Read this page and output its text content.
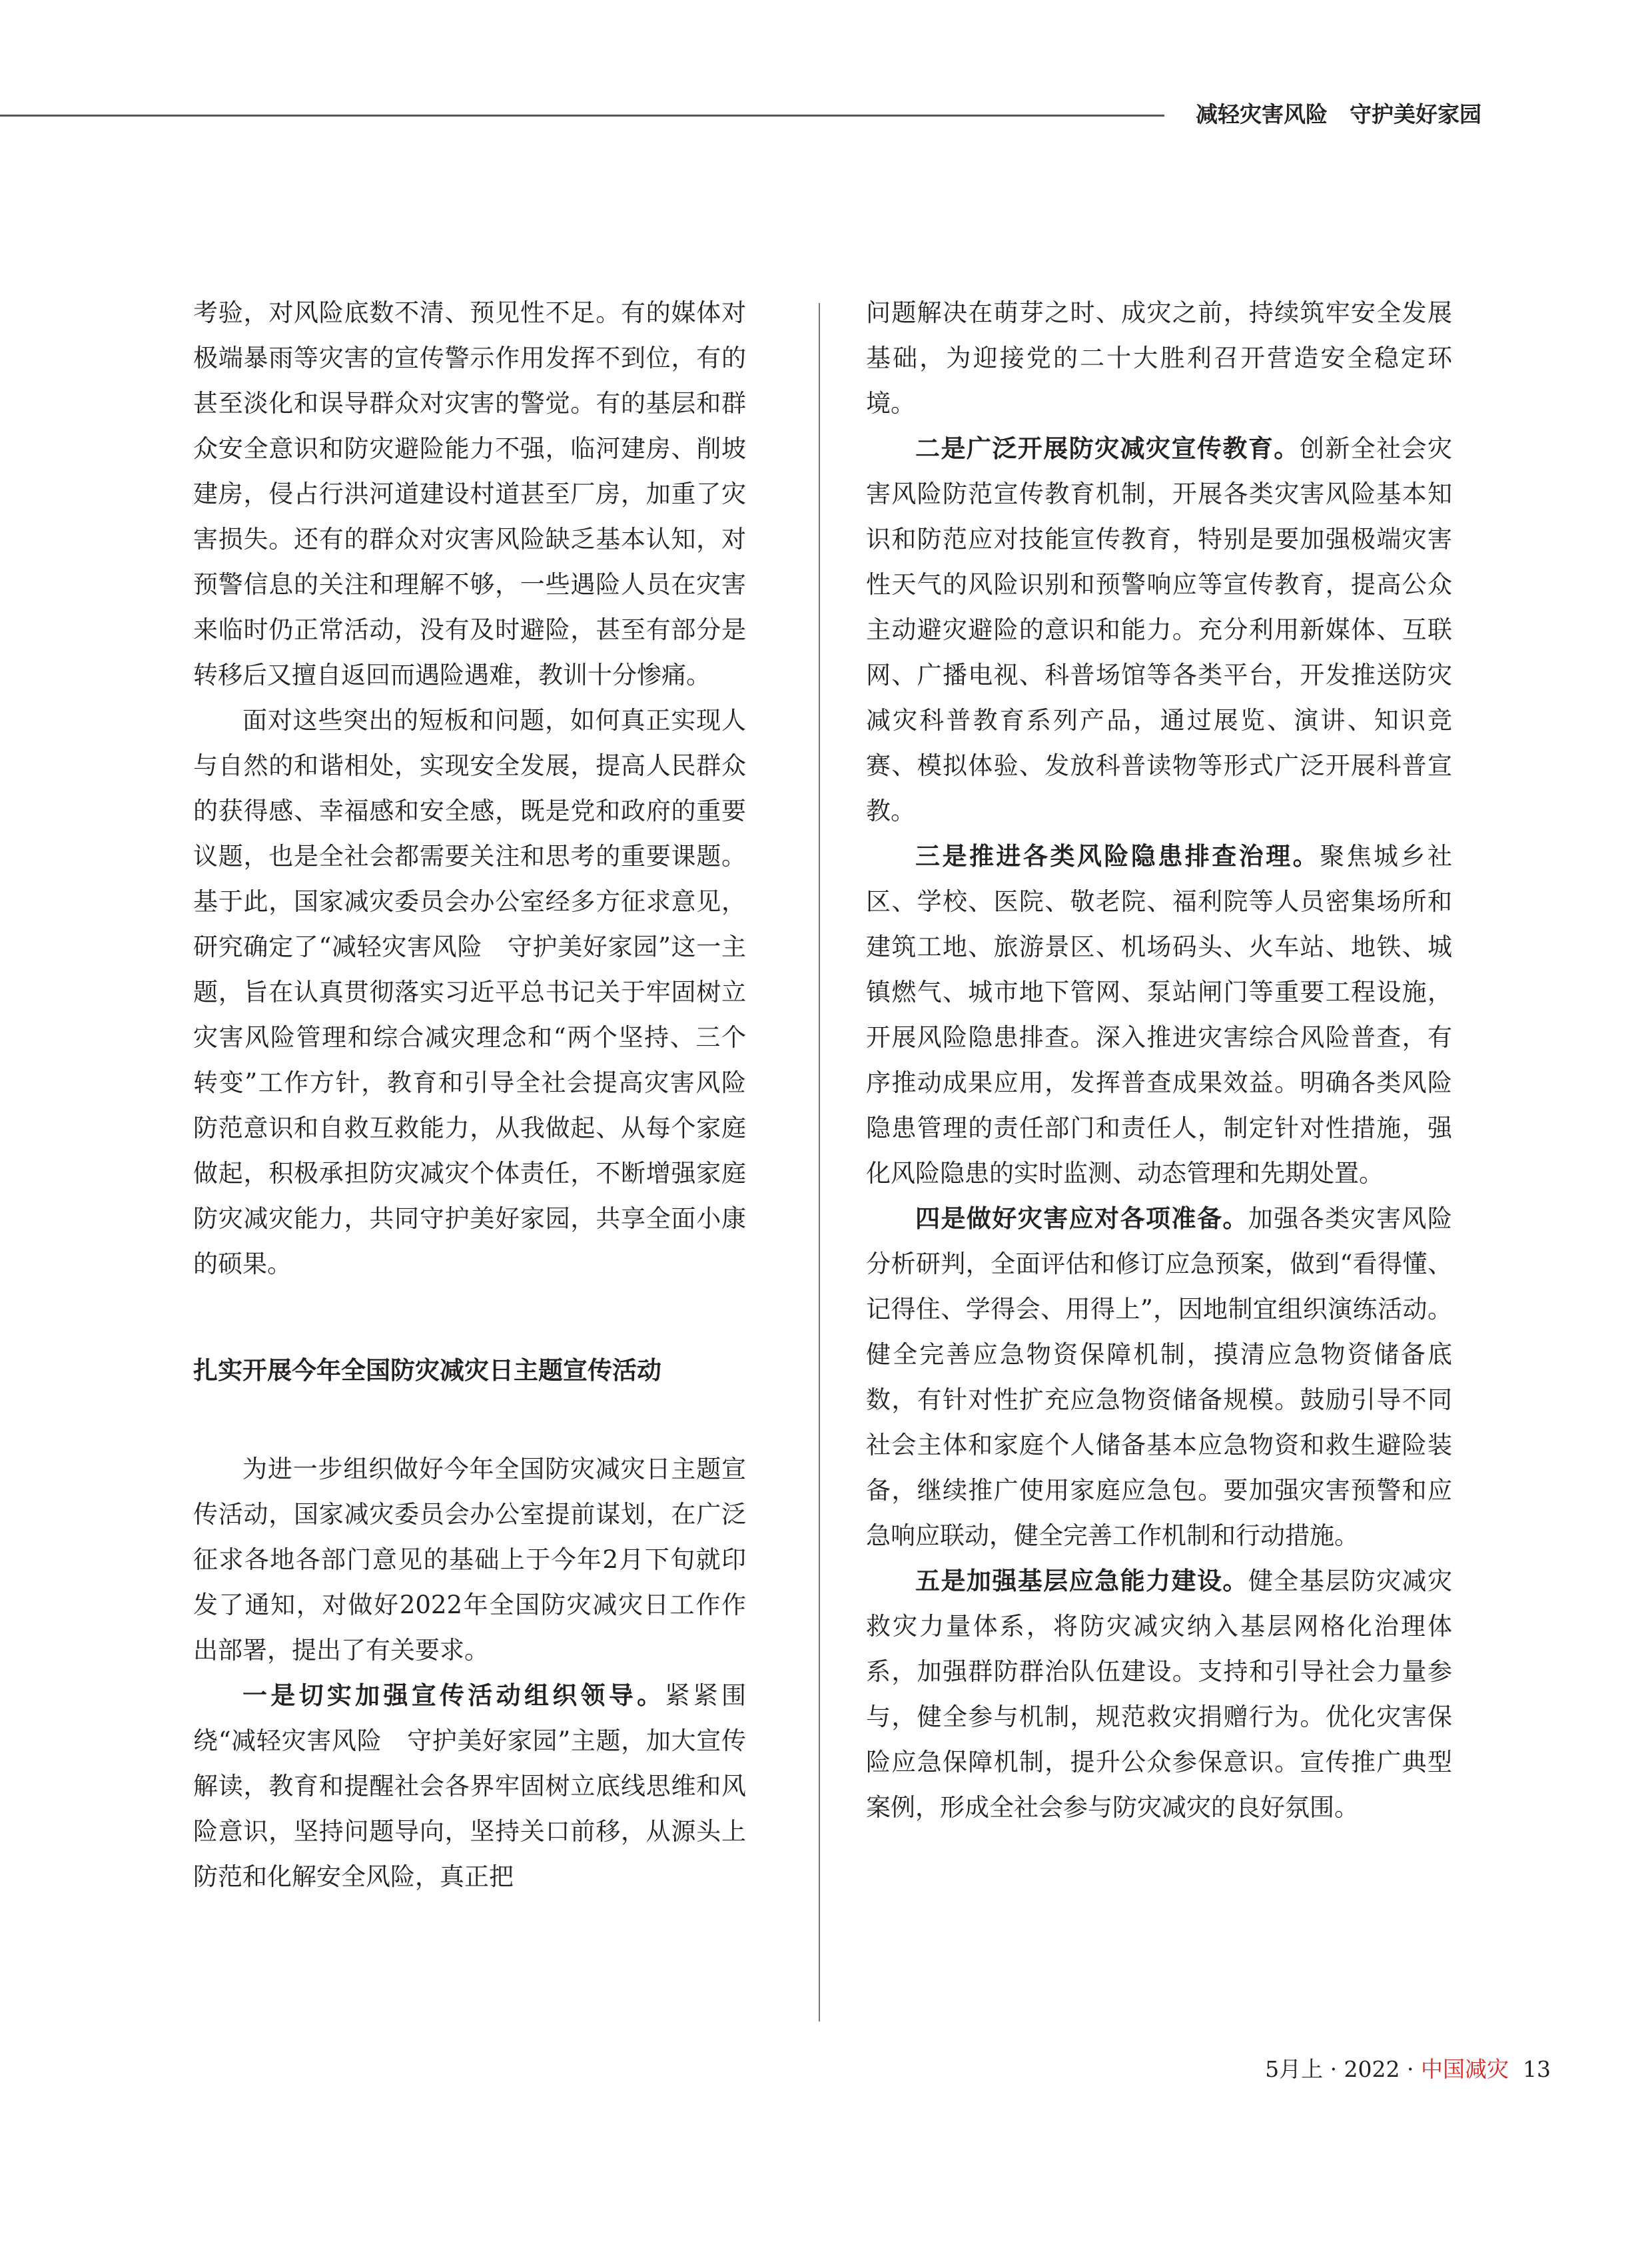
减轻灾害风险　守护美好家园

考验，对风险底数不清、预见性不足。有的媒体对极端暴雨等灾害的宣传警示作用发挥不到位，有的甚至淡化和误导群众对灾害的警觉。有的基层和群众安全意识和防灾避险能力不强，临河建房、削坡建房，侵占行洪河道建设村道甚至厂房，加重了灾害损失。还有的群众对灾害风险缺乏基本认知，对预警信息的关注和理解不够，一些遇险人员在灾害来临时仍正常活动，没有及时避险，甚至有部分是转移后又擅自返回而遇险遇难，教训十分惨痛。

面对这些突出的短板和问题，如何真正实现人与自然的和谐相处，实现安全发展，提高人民群众的获得感、幸福感和安全感，既是党和政府的重要议题，也是全社会都需要关注和思考的重要课题。基于此，国家减灾委员会办公室经多方征求意见，研究确定了“减轻灾害风险　守护美好家园”这一主题，旨在认真贯彻落实习近平总书记关于牢固树立灾害风险管理和综合减灾理念和“两个坚持、三个转变”工作方针，教育和引导全社会提高灾害风险防范意识和自救互救能力，从我做起、从每个家庭做起，积极承担防灾减灾个体责任，不断增强家庭防灾减灾能力，共同守护美好家园，共享全面小康的硕果。

扎实开展今年全国防灾减灾日主题宣传活动

为进一步组织做好今年全国防灾减灾日主题宣传活动，国家减灾委员会办公室提前谋划，在广泛征求各地各部门意见的基础上于今年2月下旬就印发了通知，对做好2022年全国防灾减灾日工作作出部署，提出了有关要求。

一是切实加强宣传活动组织领导。紧紧围绕“减轻灾害风险　守护美好家园”主题，加大宣传解读，教育和提醒社会各界牢固树立底线思维和风险意识，坚持问题导向，坚持关口前移，从源头上防范和化解安全风险，真正把

问题解决在萌芽之时、成灾之前，持续筑牢安全发展基础，为迎接党的二十大胜利召开营造安全稳定环境。

二是广泛开展防灾减灾宣传教育。创新全社会灾害风险防范宣传教育机制，开展各类灾害风险基本知识和防范应对技能宣传教育，特别是要加强极端灾害性天气的风险识别和预警响应等宣传教育，提高公众主动避灾避险的意识和能力。充分利用新媒体、互联网、广播电视、科普场馆等各类平台，开发推送防灾减灾科普教育系列产品，通过展览、演讲、知识竞赛、模拟体验、发放科普读物等形式广泛开展科普宣教。

三是推进各类风险隐患排查治理。聚焦城乡社区、学校、医院、敬老院、福利院等人员密集场所和建筑工地、旅游景区、机场码头、火车站、地铁、城镇燃气、城市地下管网、泵站闸门等重要工程设施，开展风险隐患排查。深入推进灾害综合风险普查，有序推动成果应用，发挥普查成果效益。明确各类风险隐患管理的责任部门和责任人，制定针对性措施，强化风险隐患的实时监测、动态管理和先期处置。

四是做好灾害应对各项准备。加强各类灾害风险分析研判，全面评估和修订应急预案，做到“看得懂、记得住、学得会、用得上”，因地制宜组织演练活动。健全完善应急物资保障机制，摸清应急物资储备底数，有针对性扩充应急物资储备规模。鼓励引导不同社会主体和家庭个人储备基本应急物资和救生避险装备，继续推广使用家庭应急包。要加强灾害预警和应急响应联动，健全完善工作机制和行动措施。

五是加强基层应急能力建设。健全基层防灾减灾救灾力量体系，将防灾减灾纳入基层网格化治理体系，加强群防群治队伍建设。支持和引导社会力量参与，健全参与机制，规范救灾捐赠行为。优化灾害保险应急保障机制，提升公众参保意识。宣传推广典型案例，形成全社会参与防灾减灾的良好氛围。

5月上 · 2022 · 中国减灾 13
